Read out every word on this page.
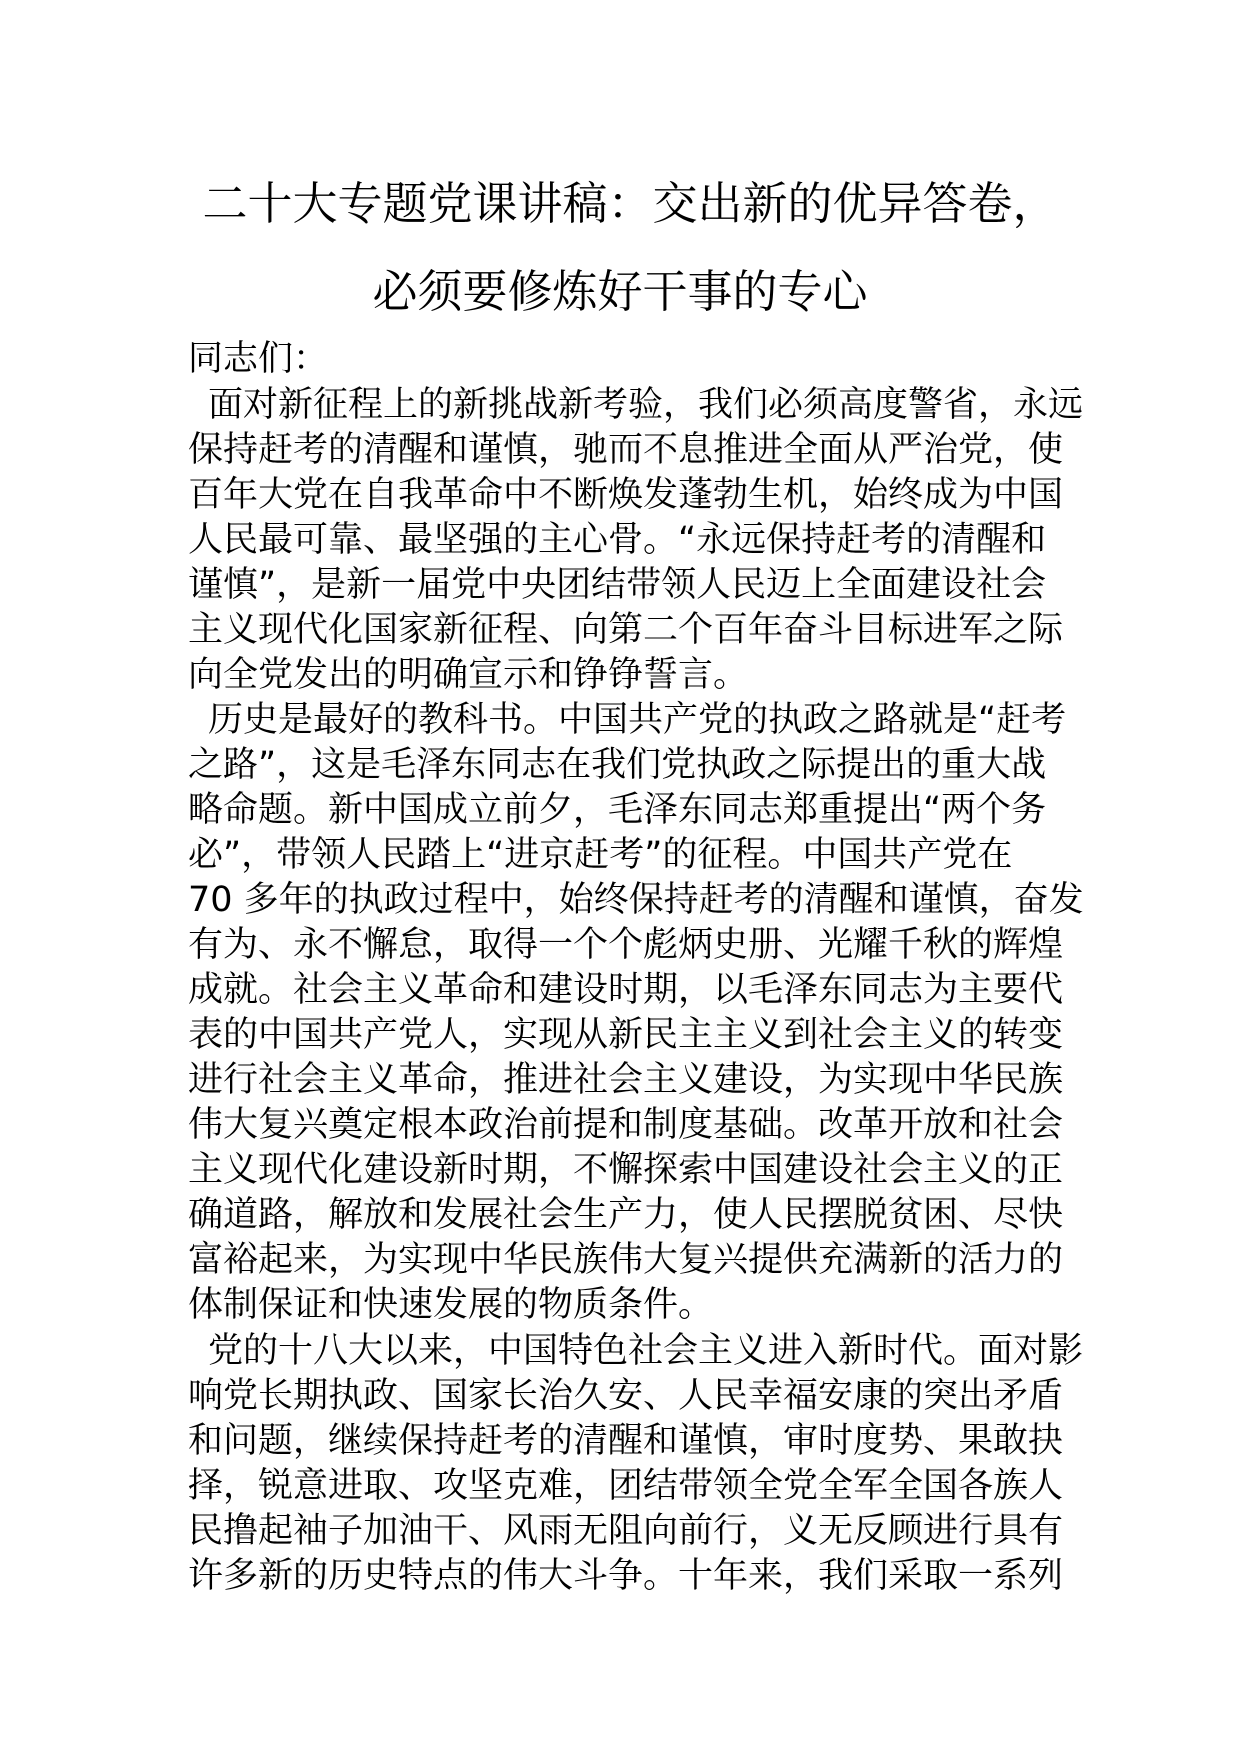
二十大专题党课讲稿：交出新的优异答卷，
必须要修炼好干事的专心

同志们：

面对新征程上的新挑战新考验，我们必须高度警省，永远
保持赶考的清醒和谨慎，驰而不息推进全面从严治党，使
百年大党在自我革命中不断焕发蓬勃生机，始终成为中国
人民最可靠、最坚强的主心骨。“永远保持赶考的清醒和
谨慎”，是新一届党中央团结带领人民迈上全面建设社会
主义现代化国家新征程、向第二个百年奋斗目标进军之际
向全党发出的明确宣示和铮铮誓言。
历史是最好的教科书。中国共产党的执政之路就是“赶考
之路”，这是毛泽东同志在我们党执政之际提出的重大战
略命题。新中国成立前夕，毛泽东同志郑重提出“两个务
必”，带领人民踏上“进京赶考”的征程。中国共产党在
70 多年的执政过程中，始终保持赶考的清醒和谨慎，奋发
有为、永不懈怠，取得一个个彪炳史册、光耀千秋的辉煌
成就。社会主义革命和建设时期，以毛泽东同志为主要代
表的中国共产党人，实现从新民主主义到社会主义的转变
进行社会主义革命，推进社会主义建设，为实现中华民族
伟大复兴奠定根本政治前提和制度基础。改革开放和社会
主义现代化建设新时期，不懈探索中国建设社会主义的正
确道路，解放和发展社会生产力，使人民摆脱贫困、尽快
富裕起来，为实现中华民族伟大复兴提供充满新的活力的
体制保证和快速发展的物质条件。
党的十八大以来，中国特色社会主义进入新时代。面对影
响党长期执政、国家长治久安、人民幸福安康的突出矛盾
和问题，继续保持赶考的清醒和谨慎，审时度势、果敢抉
择，锐意进取、攻坚克难，团结带领全党全军全国各族人
民撸起袖子加油干、风雨无阻向前行，义无反顾进行具有
许多新的历史特点的伟大斗争。十年来，我们采取一系列
